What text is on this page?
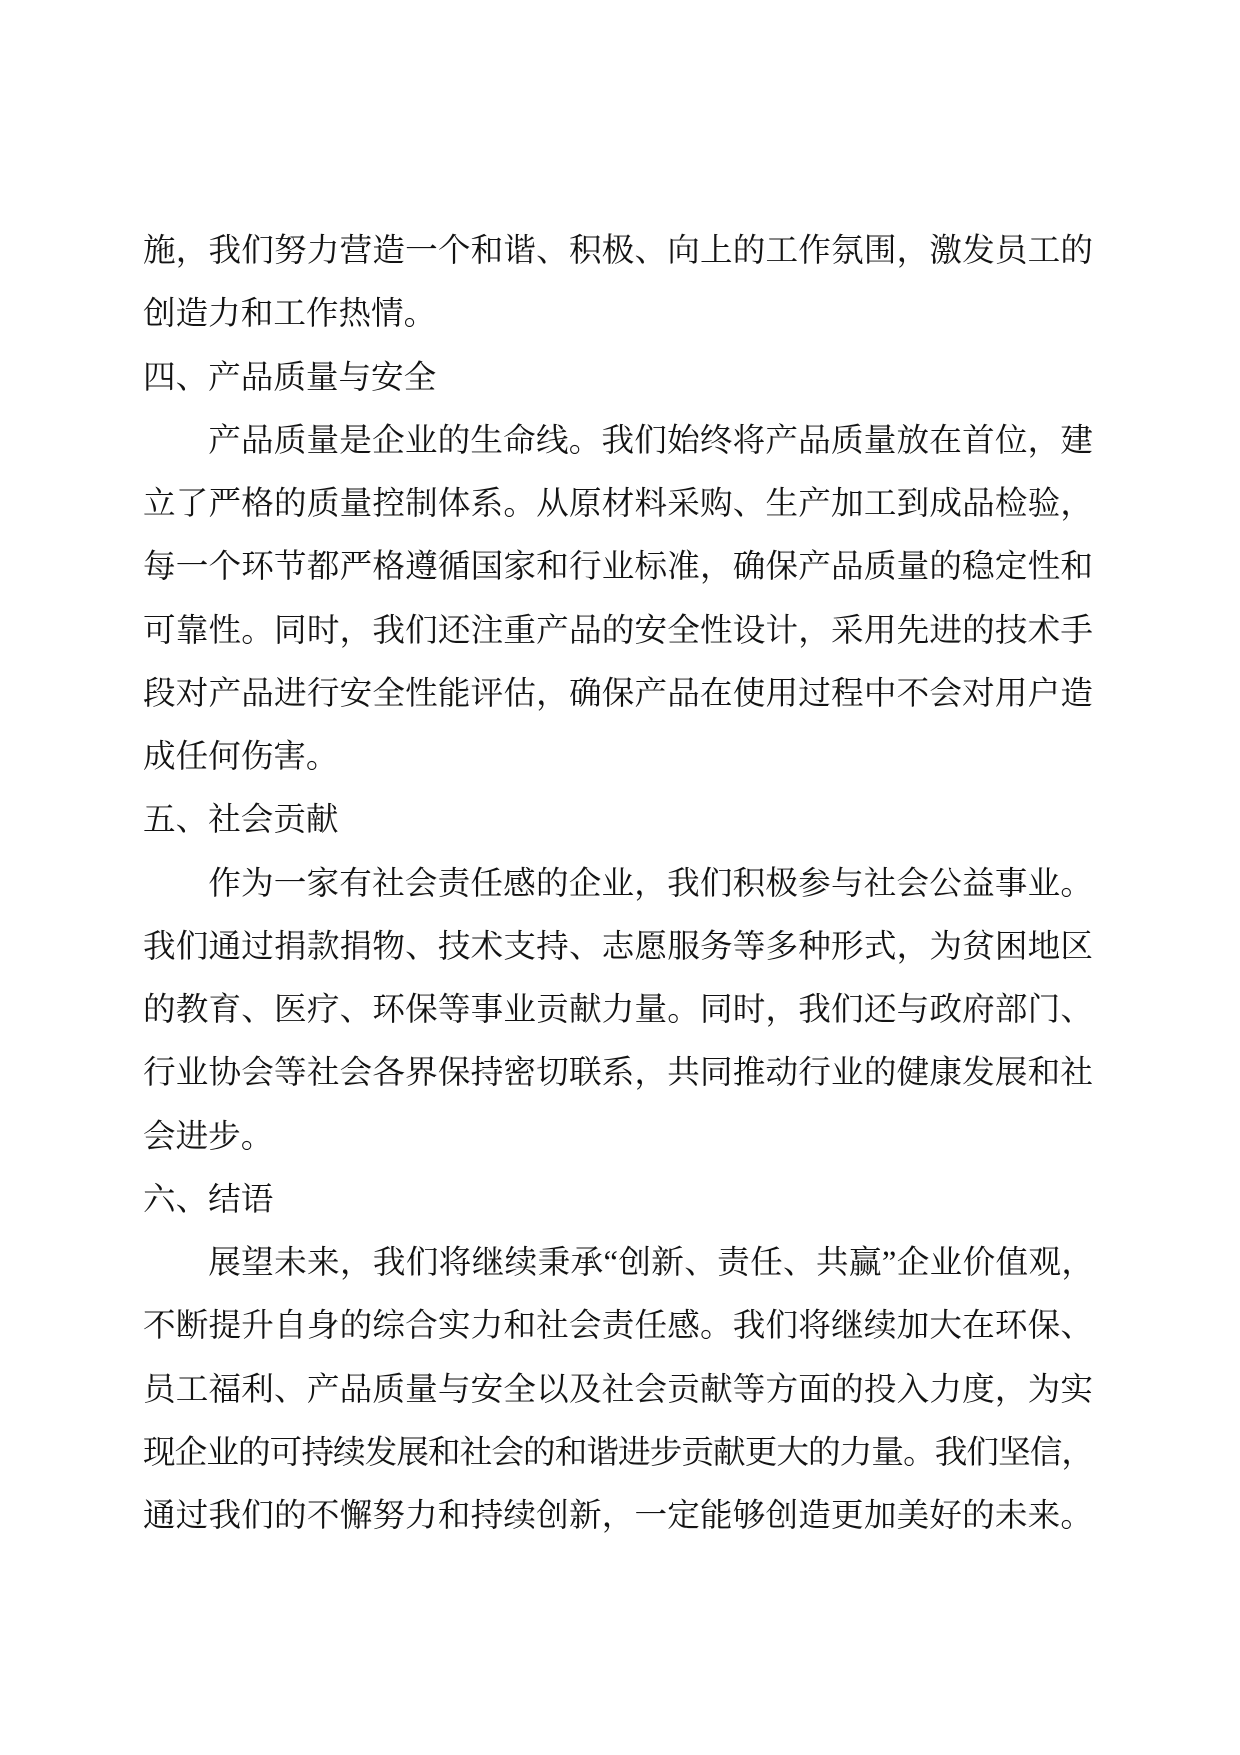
施，我们努力营造一个和谐、积极、向上的工作氛围，激发员工的
创造力和工作热情。
四、产品质量与安全
产品质量是企业的生命线。我们始终将产品质量放在首位，建
立了严格的质量控制体系。从原材料采购、生产加工到成品检验，
每一个环节都严格遵循国家和行业标准，确保产品质量的稳定性和
可靠性。同时，我们还注重产品的安全性设计，采用先进的技术手
段对产品进行安全性能评估，确保产品在使用过程中不会对用户造
成任何伤害。
五、社会贡献
作为一家有社会责任感的企业，我们积极参与社会公益事业。
我们通过捐款捐物、技术支持、志愿服务等多种形式，为贫困地区
的教育、医疗、环保等事业贡献力量。同时，我们还与政府部门、
行业协会等社会各界保持密切联系，共同推动行业的健康发展和社
会进步。
六、结语
展望未来，我们将继续秉承“创新、责任、共赢”企业价值观，
不断提升自身的综合实力和社会责任感。我们将继续加大在环保、
员工福利、产品质量与安全以及社会贡献等方面的投入力度，为实
现企业的可持续发展和社会的和谐进步贡献更大的力量。我们坚信，
通过我们的不懈努力和持续创新，一定能够创造更加美好的未来。
